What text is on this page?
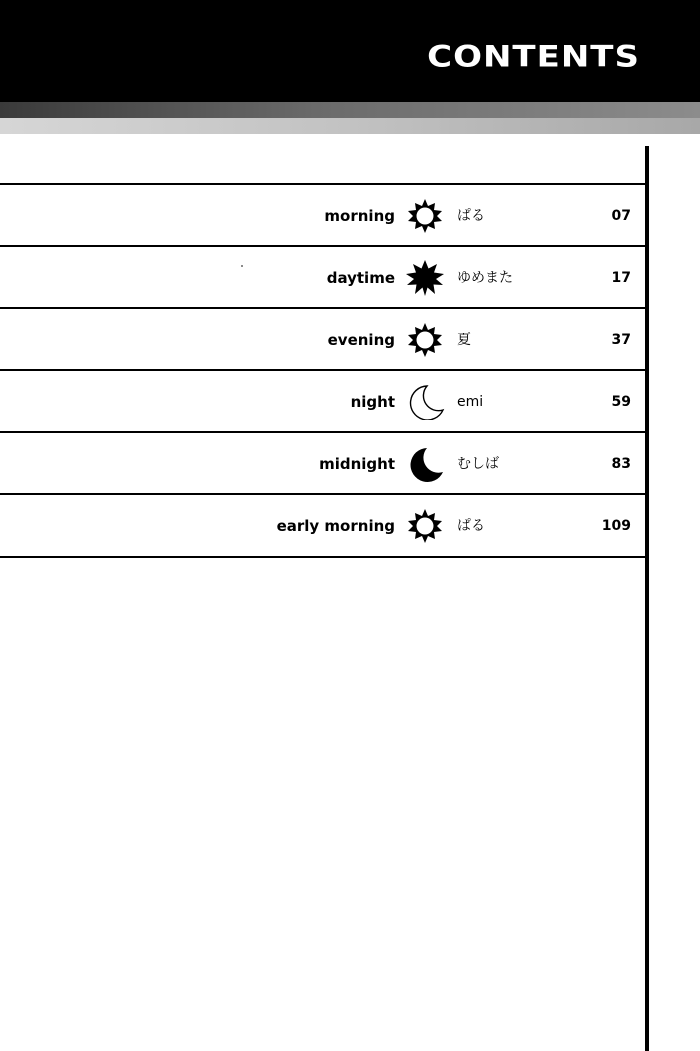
CONTENTS
morning	ぱる	07
daytime	ゆめまた	17
evening	夏	37
night	emi	59
midnight	むしば	83
early morning	ぱる	109
